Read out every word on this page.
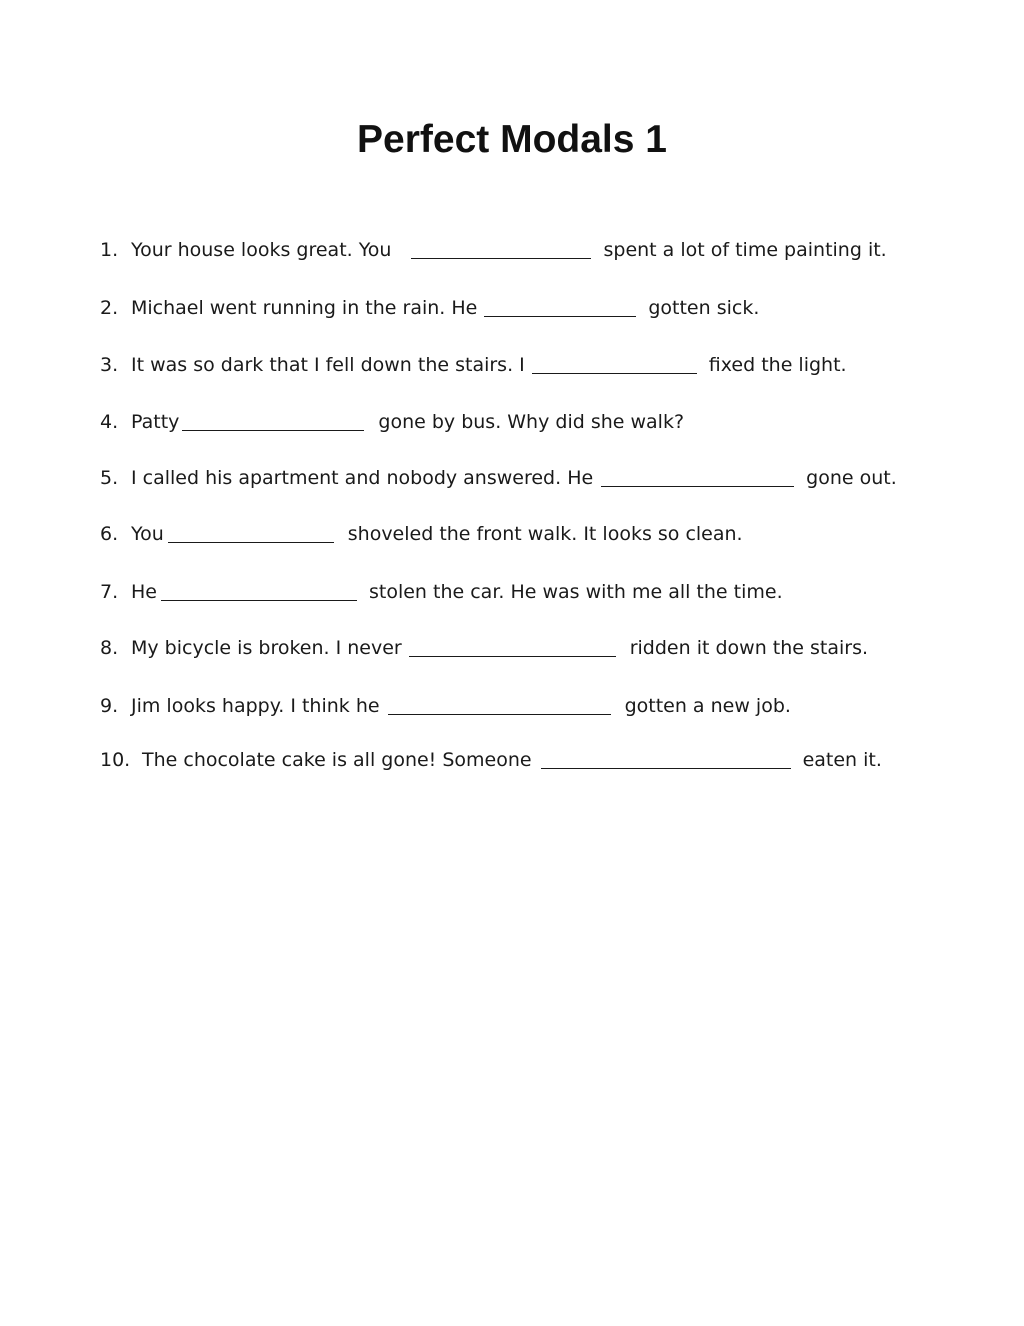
Perfect Modals 1
1. Your house looks great. You	spent a lot of time painting it.
2. Michael went running in the rain. He	gotten sick.
3. It was so dark that I fell down the stairs. I	fixed the light.
4. Patty	gone by bus. Why did she walk?
5. I called his apartment and nobody answered. He	gone out.
6. You	shoveled the front walk. It looks so clean.
7. He	stolen the car. He was with me all the time.
8. My bicycle is broken. I never	ridden it down the stairs.
9. Jim looks happy. I think he	gotten a new job.
10. The chocolate cake is all gone! Someone	eaten it.
